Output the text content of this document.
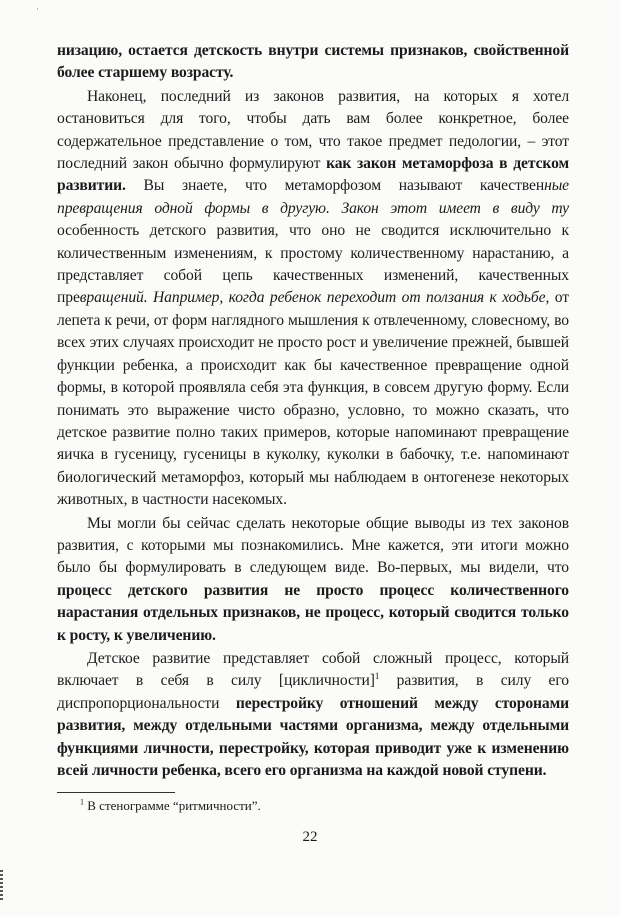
·

низацию, остается детскость внутри системы признаков, свойственной более старшему возрасту.

Наконец, последний из законов развития, на которых я хотел остановиться для того, чтобы дать вам более конкретное, более содержательное представление о том, что такое предмет педологии, – этот последний закон обычно формулируют как закон метаморфоза в детском развитии. Вы знаете, что метаморфозом называют качественные превращения одной формы в другую. Закон этот имеет в виду ту особенность детского развития, что оно не сводится исключительно к количественным изменениям, к простому количественному нарастанию, а представляет собой цепь качественных изменений, качественных превращений. Например, когда ребенок переходит от ползания к ходьбе, от лепета к речи, от форм наглядного мышления к отвлеченному, словесному, во всех этих случаях происходит не просто рост и увеличение прежней, бывшей функции ребенка, а происходит как бы качественное превращение одной формы, в которой проявляла себя эта функция, в совсем другую форму. Если понимать это выражение чисто образно, условно, то можно сказать, что детское развитие полно таких примеров, которые напоминают превращение яичка в гусеницу, гусеницы в куколку, куколки в бабочку, т.е. напоминают биологический метаморфоз, который мы наблюдаем в онтогенезе некоторых животных, в частности насекомых.

Мы могли бы сейчас сделать некоторые общие выводы из тех законов развития, с которыми мы познакомились. Мне кажется, эти итоги можно было бы формулировать в следующем виде. Во-первых, мы видели, что процесс детского развития не просто процесс количественного нарастания отдельных признаков, не процесс, который сводится только к росту, к увеличению.

Детское развитие представляет собой сложный процесс, который включает в себя в силу [цикличности]$^1$ развития, в силу его диспропорциональности перестройку отношений между сторонами развития, между отдельными частями организма, между отдельными функциями личности, перестройку, которая приводит уже к изменению всей личности ребенка, всего его организма на каждой новой ступени.

$^1$ В стенограмме “ритмичности”.
22
